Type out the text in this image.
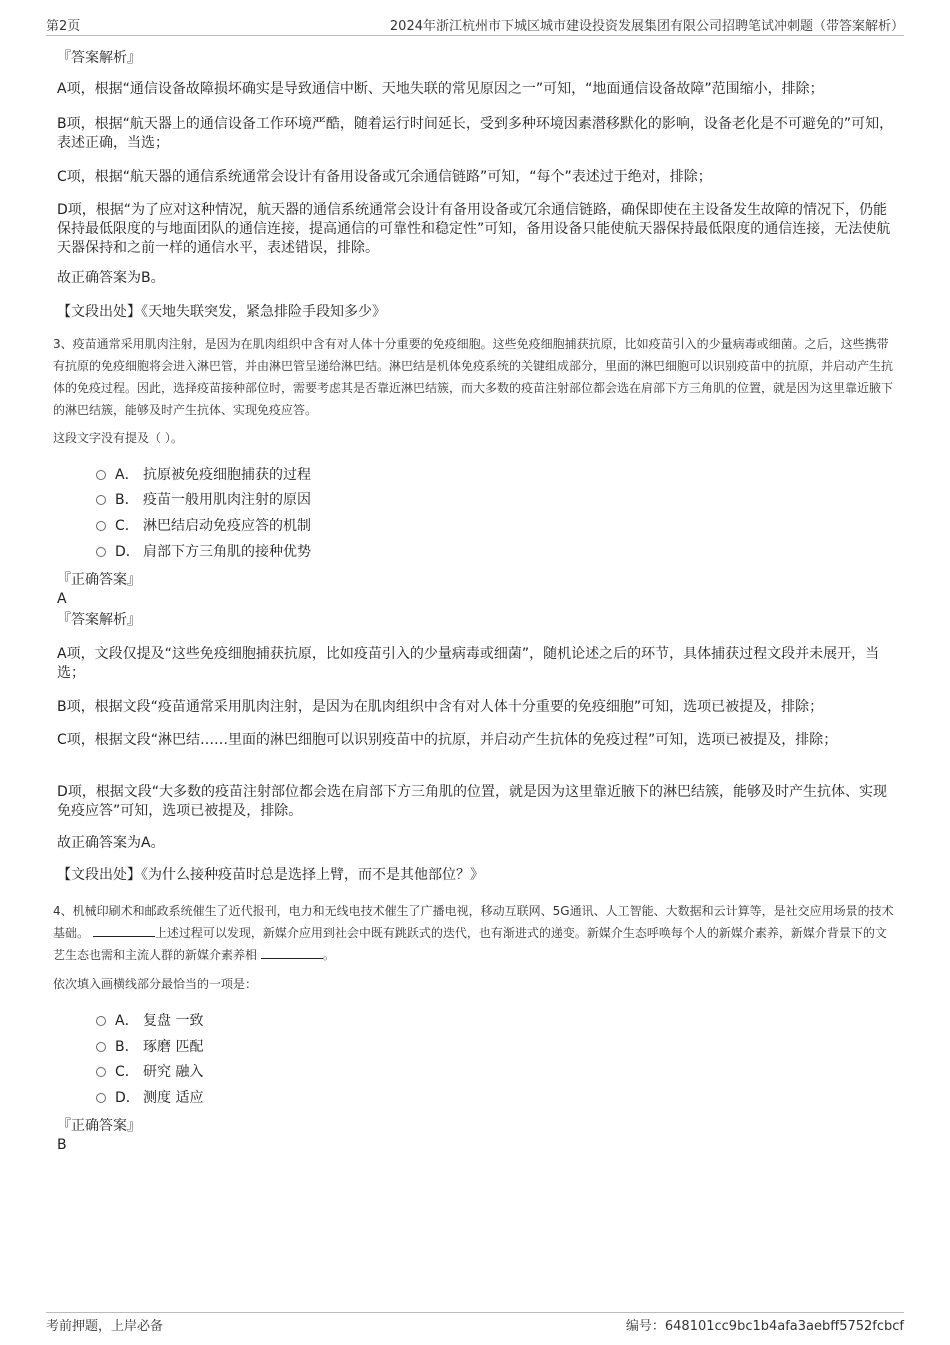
第2页	2024年浙江杭州市下城区城市建设投资发展集团有限公司招聘笔试冲刺题（带答案解析）
『答案解析』
A项，根据“通信设备故障损坏确实是导致通信中断、天地失联的常见原因之一”可知，“地面通信设备故障”范围缩小，排除；
B项，根据“航天器上的通信设备工作环境严酷，随着运行时间延长，受到多种环境因素潜移默化的影响，设备老化是不可避免的”可知，表述正确，当选；
C项，根据“航天器的通信系统通常会设计有备用设备或冗余通信链路”可知，“每个”表述过于绝对，排除；
D项，根据“为了应对这种情况，航天器的通信系统通常会设计有备用设备或冗余通信链路，确保即使在主设备发生故障的情况下，仍能保持最低限度的与地面团队的通信连接，提高通信的可靠性和稳定性”可知，备用设备只能使航天器保持最低限度的通信连接，无法使航天器保持和之前一样的通信水平，表述错误，排除。
故正确答案为B。
【文段出处】《天地失联突发，紧急排险手段知多少》
3、疫苗通常采用肌肉注射，是因为在肌肉组织中含有对人体十分重要的免疫细胞。这些免疫细胞捕获抗原，比如疫苗引入的少量病毒或细菌。之后，这些携带有抗原的免疫细胞将会进入淋巴管，并由淋巴管呈递给淋巴结。淋巴结是机体免疫系统的关键组成部分，里面的淋巴细胞可以识别疫苗中的抗原，并启动产生抗体的免疫过程。因此，选择疫苗接种部位时，需要考虑其是否靠近淋巴结簇，而大多数的疫苗注射部位都会选在肩部下方三角肌的位置，就是因为这里靠近腋下的淋巴结簇，能够及时产生抗体、实现免疫应答。
这段文字没有提及（ ）。
A． 抗原被免疫细胞捕获的过程
B． 疫苗一般用肌肉注射的原因
C． 淋巴结启动免疫应答的机制
D． 肩部下方三角肌的接种优势
『正确答案』
A
『答案解析』
A项，文段仅提及“这些免疫细胞捕获抗原，比如疫苗引入的少量病毒或细菌”，随机论述之后的环节，具体捕获过程文段并未展开，当选；
B项，根据文段“疫苗通常采用肌肉注射，是因为在肌肉组织中含有对人体十分重要的免疫细胞”可知，选项已被提及，排除；
C项，根据文段“淋巴结……里面的淋巴细胞可以识别疫苗中的抗原，并启动产生抗体的免疫过程”可知，选项已被提及，排除；
D项，根据文段“大多数的疫苗注射部位都会选在肩部下方三角肌的位置，就是因为这里靠近腋下的淋巴结簇，能够及时产生抗体、实现免疫应答”可知，选项已被提及，排除。
故正确答案为A。
【文段出处】《为什么接种疫苗时总是选择上臂，而不是其他部位？》
4、机械印刷术和邮政系统催生了近代报刊，电力和无线电技术催生了广播电视，移动互联网、5G通讯、人工智能、大数据和云计算等，是社交应用场景的技术基础。	上述过程可以发现，新媒介应用到社会中既有跳跃式的迭代，也有渐进式的递变。新媒介生态呼唤每个人的新媒介素养，新媒介背景下的文艺生态也需和主流人群的新媒介素养相	。
依次填入画横线部分最恰当的一项是：
A． 复盘 一致
B． 琢磨 匹配
C． 研究 融入
D． 测度 适应
『正确答案』
B
考前押题，上岸必备	编号：648101cc9bc1b4afa3aebff5752fcbcf
